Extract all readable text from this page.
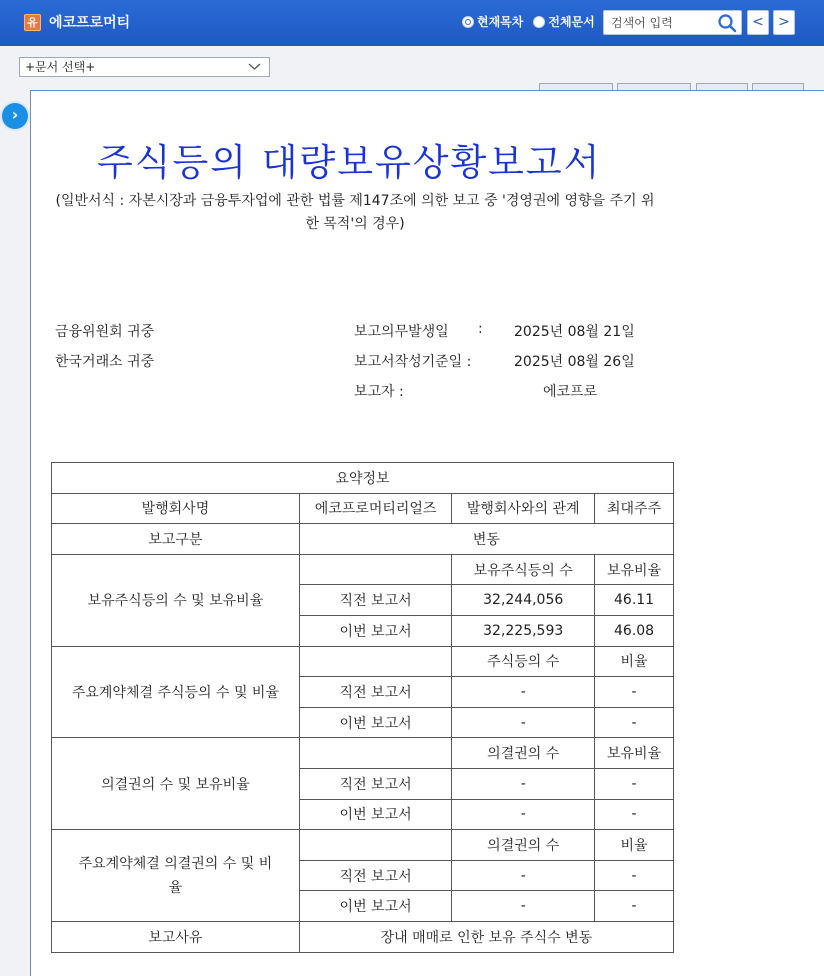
유 에코프로머티	현재목차 전체문서
검색어 입력	<	>
+문서 선택+
›
주식등의 대량보유상황보고서
(일반서식 : 자본시장과 금융투자업에 관한 법률 제147조에 의한 보고 중 '경영권에 영향을 주기 위한 목적'의 경우)
금융위원회 귀중
한국거래소 귀중
보고의무발생일 : 2025년 08월 21일
보고서작성기준일 :	2025년 08월 26일
보고자 :	에코프로
요약정보			
발행회사명	에코프로머티리얼즈	발행회사와의 관계	최대주주
보고구분	변동		
보유주식등의 수 및 보유비율		보유주식등의 수	보유비율
	직전 보고서	32,244,056	46.11
	이번 보고서	32,225,593	46.08
주요계약체결 주식등의 수 및 비율		주식등의 수	비율
	직전 보고서	-	-
	이번 보고서	-	-
의결권의 수 및 보유비율		의결권의 수	보유비율
	직전 보고서	-	-
	이번 보고서	-	-
주요계약체결 의결권의 수 및 비율		의결권의 수	비율
	직전 보고서	-	-
	이번 보고서	-	-
보고사유	장내 매매로 인한 보유 주식수 변동		
